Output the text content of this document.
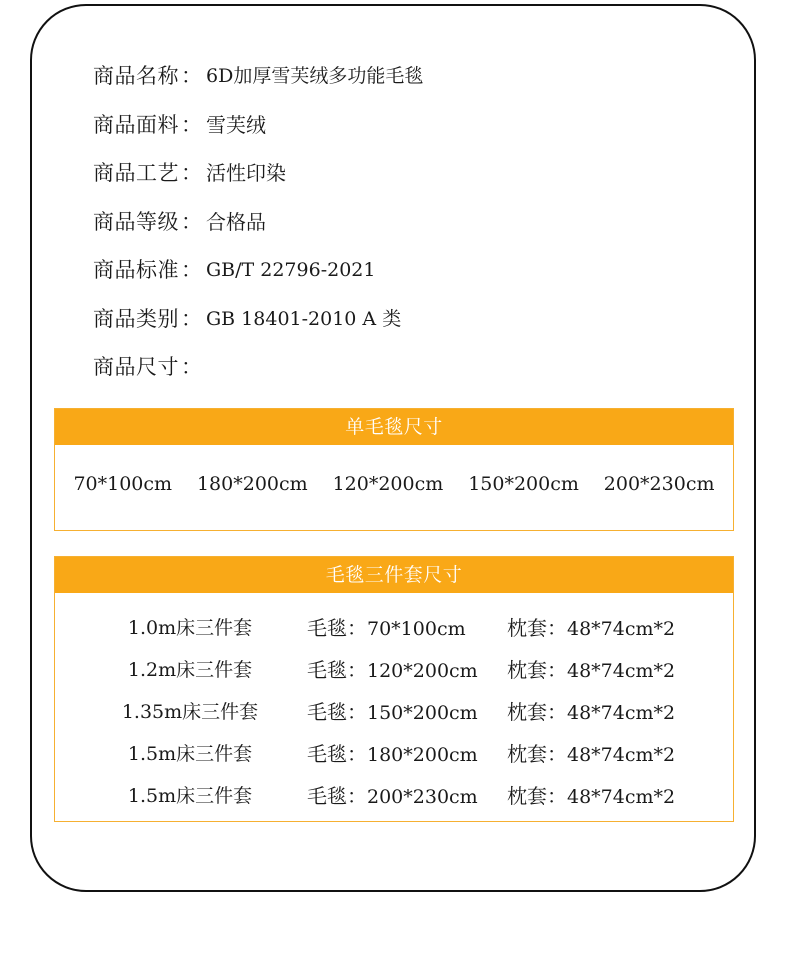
商品名称 ： 6D加厚雪芙绒多功能毛毯
商品面料 ： 雪芙绒
商品工艺 ： 活性印染
商品等级 ： 合格品
商品标准 ： GB/T 22796-2021
商品类别 ： GB 18401-2010 A 类
商品尺寸 ：
单毛毯尺寸
70*100cm 180*200cm 120*200cm 150*200cm 200*230cm
毛毯三件套尺寸
1.0m床三件套	毛毯：70*100cm 枕套：48*74cm*2
1.2m床三件套	毛毯：120*200cm 枕套：48*74cm*2
1.35m床三件套	毛毯：150*200cm 枕套：48*74cm*2
1.5m床三件套	毛毯：180*200cm 枕套：48*74cm*2
1.5m床三件套	毛毯：200*230cm 枕套：48*74cm*2
